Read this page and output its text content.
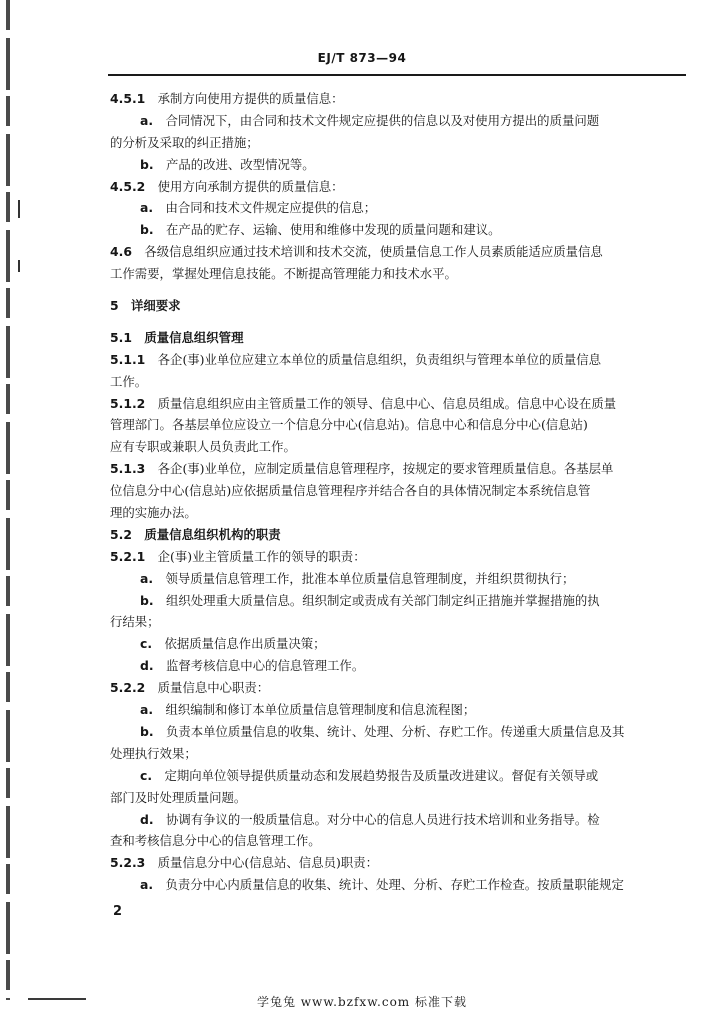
EJ/T 873—94
4.5.1　承制方向使用方提供的质量信息：
a.　合同情况下，由合同和技术文件规定应提供的信息以及对使用方提出的质量问题
的分析及采取的纠正措施；
b.　产品的改进、改型情况等。
4.5.2　使用方向承制方提供的质量信息：
a.　由合同和技术文件规定应提供的信息；
b.　在产品的贮存、运输、使用和维修中发现的质量问题和建议。
4.6　各级信息组织应通过技术培训和技术交流，使质量信息工作人员素质能适应质量信息
工作需要，掌握处理信息技能。不断提高管理能力和技术水平。
5　详细要求
5.1　质量信息组织管理
5.1.1　各企(事)业单位应建立本单位的质量信息组织，负责组织与管理本单位的质量信息
工作。
5.1.2　质量信息组织应由主管质量工作的领导、信息中心、信息员组成。信息中心设在质量
管理部门。各基层单位应设立一个信息分中心(信息站)。信息中心和信息分中心(信息站)
应有专职或兼职人员负责此工作。
5.1.3　各企(事)业单位，应制定质量信息管理程序，按规定的要求管理质量信息。各基层单
位信息分中心(信息站)应依据质量信息管理程序并结合各自的具体情况制定本系统信息管
理的实施办法。
5.2　质量信息组织机构的职责
5.2.1　企(事)业主管质量工作的领导的职责：
a.　领导质量信息管理工作，批准本单位质量信息管理制度，并组织贯彻执行；
b.　组织处理重大质量信息。组织制定或责成有关部门制定纠正措施并掌握措施的执
行结果；
c.　依据质量信息作出质量决策；
d.　监督考核信息中心的信息管理工作。
5.2.2　质量信息中心职责：
a.　组织编制和修订本单位质量信息管理制度和信息流程图；
b.　负责本单位质量信息的收集、统计、处理、分析、存贮工作。传递重大质量信息及其
处理执行效果；
c.　定期向单位领导提供质量动态和发展趋势报告及质量改进建议。督促有关领导或
部门及时处理质量问题。
d.　协调有争议的一般质量信息。对分中心的信息人员进行技术培训和业务指导。检
查和考核信息分中心的信息管理工作。
5.2.3　质量信息分中心(信息站、信息员)职责：
a.　负责分中心内质量信息的收集、统计、处理、分析、存贮工作检查。按质量职能规定
2
学兔兔 www.bzfxw.com 标准下载
